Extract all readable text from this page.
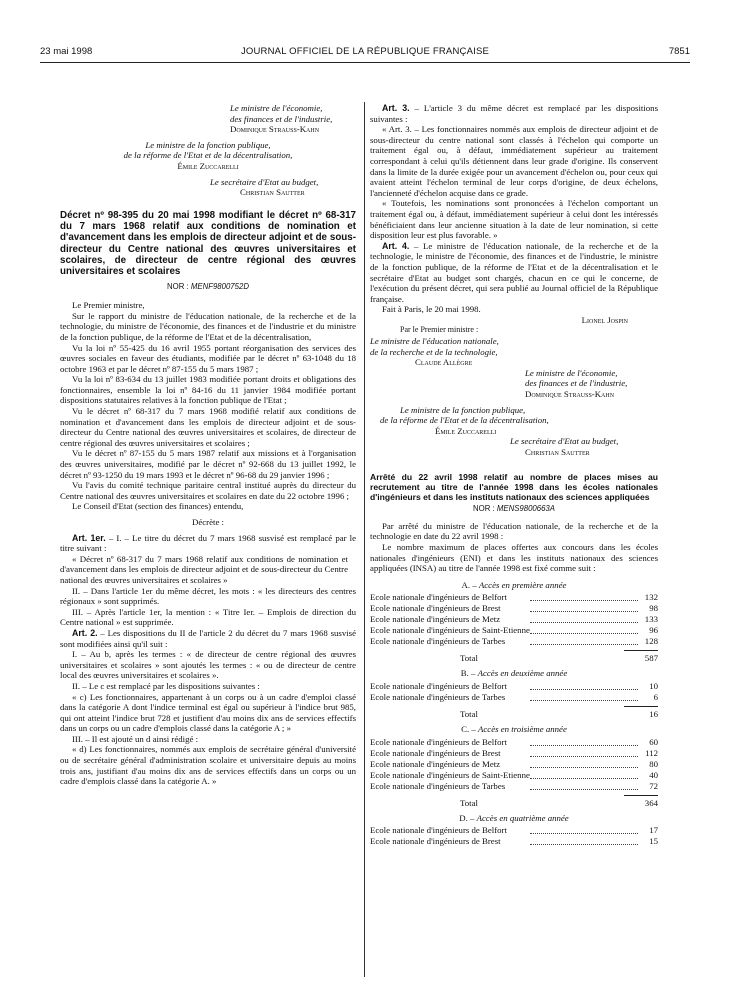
23 mai 1998	JOURNAL OFFICIEL DE LA RÉPUBLIQUE FRANÇAISE	7851

Le ministre de l'économie,

des finances et de l'industrie,

Dominique Strauss-Kahn

Le ministre de la fonction publique,

de la réforme de l'Etat et de la décentralisation,

Émile Zuccarelli

Le secrétaire d'Etat au budget,

Christian Sautter

Décret nº 98-395 du 20 mai 1998 modifiant le décret nº 68-317 du 7 mars 1968 relatif aux conditions de nomination et d'avancement dans les emplois de directeur adjoint et de sous-directeur du Centre national des œuvres universitaires et scolaires, de directeur de centre régional des œuvres universitaires et scolaires

NOR : MENF9800752D

Le Premier ministre,

Sur le rapport du ministre de l'éducation nationale, de la recherche et de la technologie, du ministre de l'économie, des finances et de l'industrie et du ministre de la fonction publique, de la réforme de l'Etat et de la décentralisation,

Vu la loi nº 55-425 du 16 avril 1955 portant réorganisation des services des œuvres sociales en faveur des étudiants, modifiée par le décret nº 63-1048 du 18 octobre 1963 et par le décret nº 87-155 du 5 mars 1987 ;

Vu la loi nº 83-634 du 13 juillet 1983 modifiée portant droits et obligations des fonctionnaires, ensemble la loi nº 84-16 du 11 janvier 1984 modifiée portant dispositions statutaires relatives à la fonction publique de l'Etat ;

Vu le décret nº 68-317 du 7 mars 1968 modifié relatif aux conditions de nomination et d'avancement dans les emplois de directeur adjoint et de sous-directeur du Centre national des œuvres universitaires et scolaires, de directeur de centre régional des œuvres universitaires et scolaires ;

Vu le décret nº 87-155 du 5 mars 1987 relatif aux missions et à l'organisation des œuvres universitaires, modifié par le décret nº 92-668 du 13 juillet 1992, le décret nº 93-1250 du 19 mars 1993 et le décret nº 96-68 du 29 janvier 1996 ;

Vu l'avis du comité technique paritaire central institué auprès du directeur du Centre national des œuvres universitaires et scolaires en date du 22 octobre 1996 ;

Le Conseil d'Etat (section des finances) entendu,

Décrète :

Art. 1er. – I. – Le titre du décret du 7 mars 1968 susvisé est remplacé par le titre suivant :

« Décret nº 68-317 du 7 mars 1968 relatif aux conditions de nomination et d'avancement dans les emplois de directeur adjoint et de sous-directeur du Centre national des œuvres universitaires et scolaires »

II. – Dans l'article 1er du même décret, les mots : « les directeurs des centres régionaux » sont supprimés.

III. – Après l'article 1er, la mention : « Titre Ier. – Emplois de direction du Centre national » est supprimée.

Art. 2. – Les dispositions du II de l'article 2 du décret du 7 mars 1968 susvisé sont modifiées ainsi qu'il suit :

I. – Au b, après les termes : « de directeur de centre régional des œuvres universitaires et scolaires » sont ajoutés les termes : « ou de directeur de centre local des œuvres universitaires et scolaires ».

II. – Le c est remplacé par les dispositions suivantes :

« c) Les fonctionnaires, appartenant à un corps ou à un cadre d'emploi classé dans la catégorie A dont l'indice terminal est égal ou supérieur à l'indice brut 985, qui ont atteint l'indice brut 728 et justifient d'au moins dix ans de services effectifs dans un corps ou un cadre d'emplois classé dans la catégorie A ; »

III. – Il est ajouté un d ainsi rédigé :

« d) Les fonctionnaires, nommés aux emplois de secrétaire général d'université ou de secrétaire général d'administration scolaire et universitaire depuis au moins trois ans, justifiant d'au moins dix ans de services effectifs dans un corps ou un cadre d'emplois classé dans la catégorie A. »

Art. 3. – L'article 3 du même décret est remplacé par les dispositions suivantes :

« Art. 3. – Les fonctionnaires nommés aux emplois de directeur adjoint et de sous-directeur du centre national sont classés à l'échelon qui comporte un traitement égal ou, à défaut, immédiatement supérieur au traitement correspondant à celui qu'ils détiennent dans leur grade d'origine. Ils conservent dans la limite de la durée exigée pour un avancement d'échelon ou, pour ceux qui avaient atteint l'échelon terminal de leur corps d'origine, de deux échelons, l'ancienneté d'échelon acquise dans ce grade.

« Toutefois, les nominations sont prononcées à l'échelon comportant un traitement égal ou, à défaut, immédiatement supérieur à celui dont les intéressés bénéficiaient dans leur ancienne situation à la date de leur nomination, si cette disposition leur est plus favorable. »

Art. 4. – Le ministre de l'éducation nationale, de la recherche et de la technologie, le ministre de l'économie, des finances et de l'industrie, le ministre de la fonction publique, de la réforme de l'Etat et de la décentralisation et le secrétaire d'Etat au budget sont chargés, chacun en ce qui le concerne, de l'exécution du présent décret, qui sera publié au Journal officiel de la République française.

Fait à Paris, le 20 mai 1998.

Lionel Jospin

Par le Premier ministre :

Le ministre de l'éducation nationale,

de la recherche et de la technologie,

Claude Allègre

Le ministre de l'économie,

des finances et de l'industrie,

Dominique Strauss-Kahn

Le ministre de la fonction publique,

de la réforme de l'Etat et de la décentralisation,

Émile Zuccarelli

Le secrétaire d'Etat au budget,

Christian Sautter

Arrêté du 22 avril 1998 relatif au nombre de places mises au recrutement au titre de l'année 1998 dans les écoles nationales d'ingénieurs et dans les instituts nationaux des sciences appliquées

NOR : MENS9800663A

Par arrêté du ministre de l'éducation nationale, de la recherche et de la technologie en date du 22 avril 1998 :

Le nombre maximum de places offertes aux concours dans les écoles nationales d'ingénieurs (ENI) et dans les instituts nationaux des sciences appliquées (INSA) au titre de l'année 1998 est fixé comme suit :

A. – Accès en première année

Ecole nationale d'ingénieurs de Belfort	132
Ecole nationale d'ingénieurs de Brest	98
Ecole nationale d'ingénieurs de Metz	133
Ecole nationale d'ingénieurs de Saint-Etienne	96
Ecole nationale d'ingénieurs de Tarbes	128
Total	587

B. – Accès en deuxième année

Ecole nationale d'ingénieurs de Belfort	10
Ecole nationale d'ingénieurs de Tarbes	6
Total	16

C. – Accès en troisième année

Ecole nationale d'ingénieurs de Belfort	60
Ecole nationale d'ingénieurs de Brest	112
Ecole nationale d'ingénieurs de Metz	80
Ecole nationale d'ingénieurs de Saint-Etienne	40
Ecole nationale d'ingénieurs de Tarbes	72
Total	364

D. – Accès en quatrième année

Ecole nationale d'ingénieurs de Belfort	17
Ecole nationale d'ingénieurs de Brest	15
